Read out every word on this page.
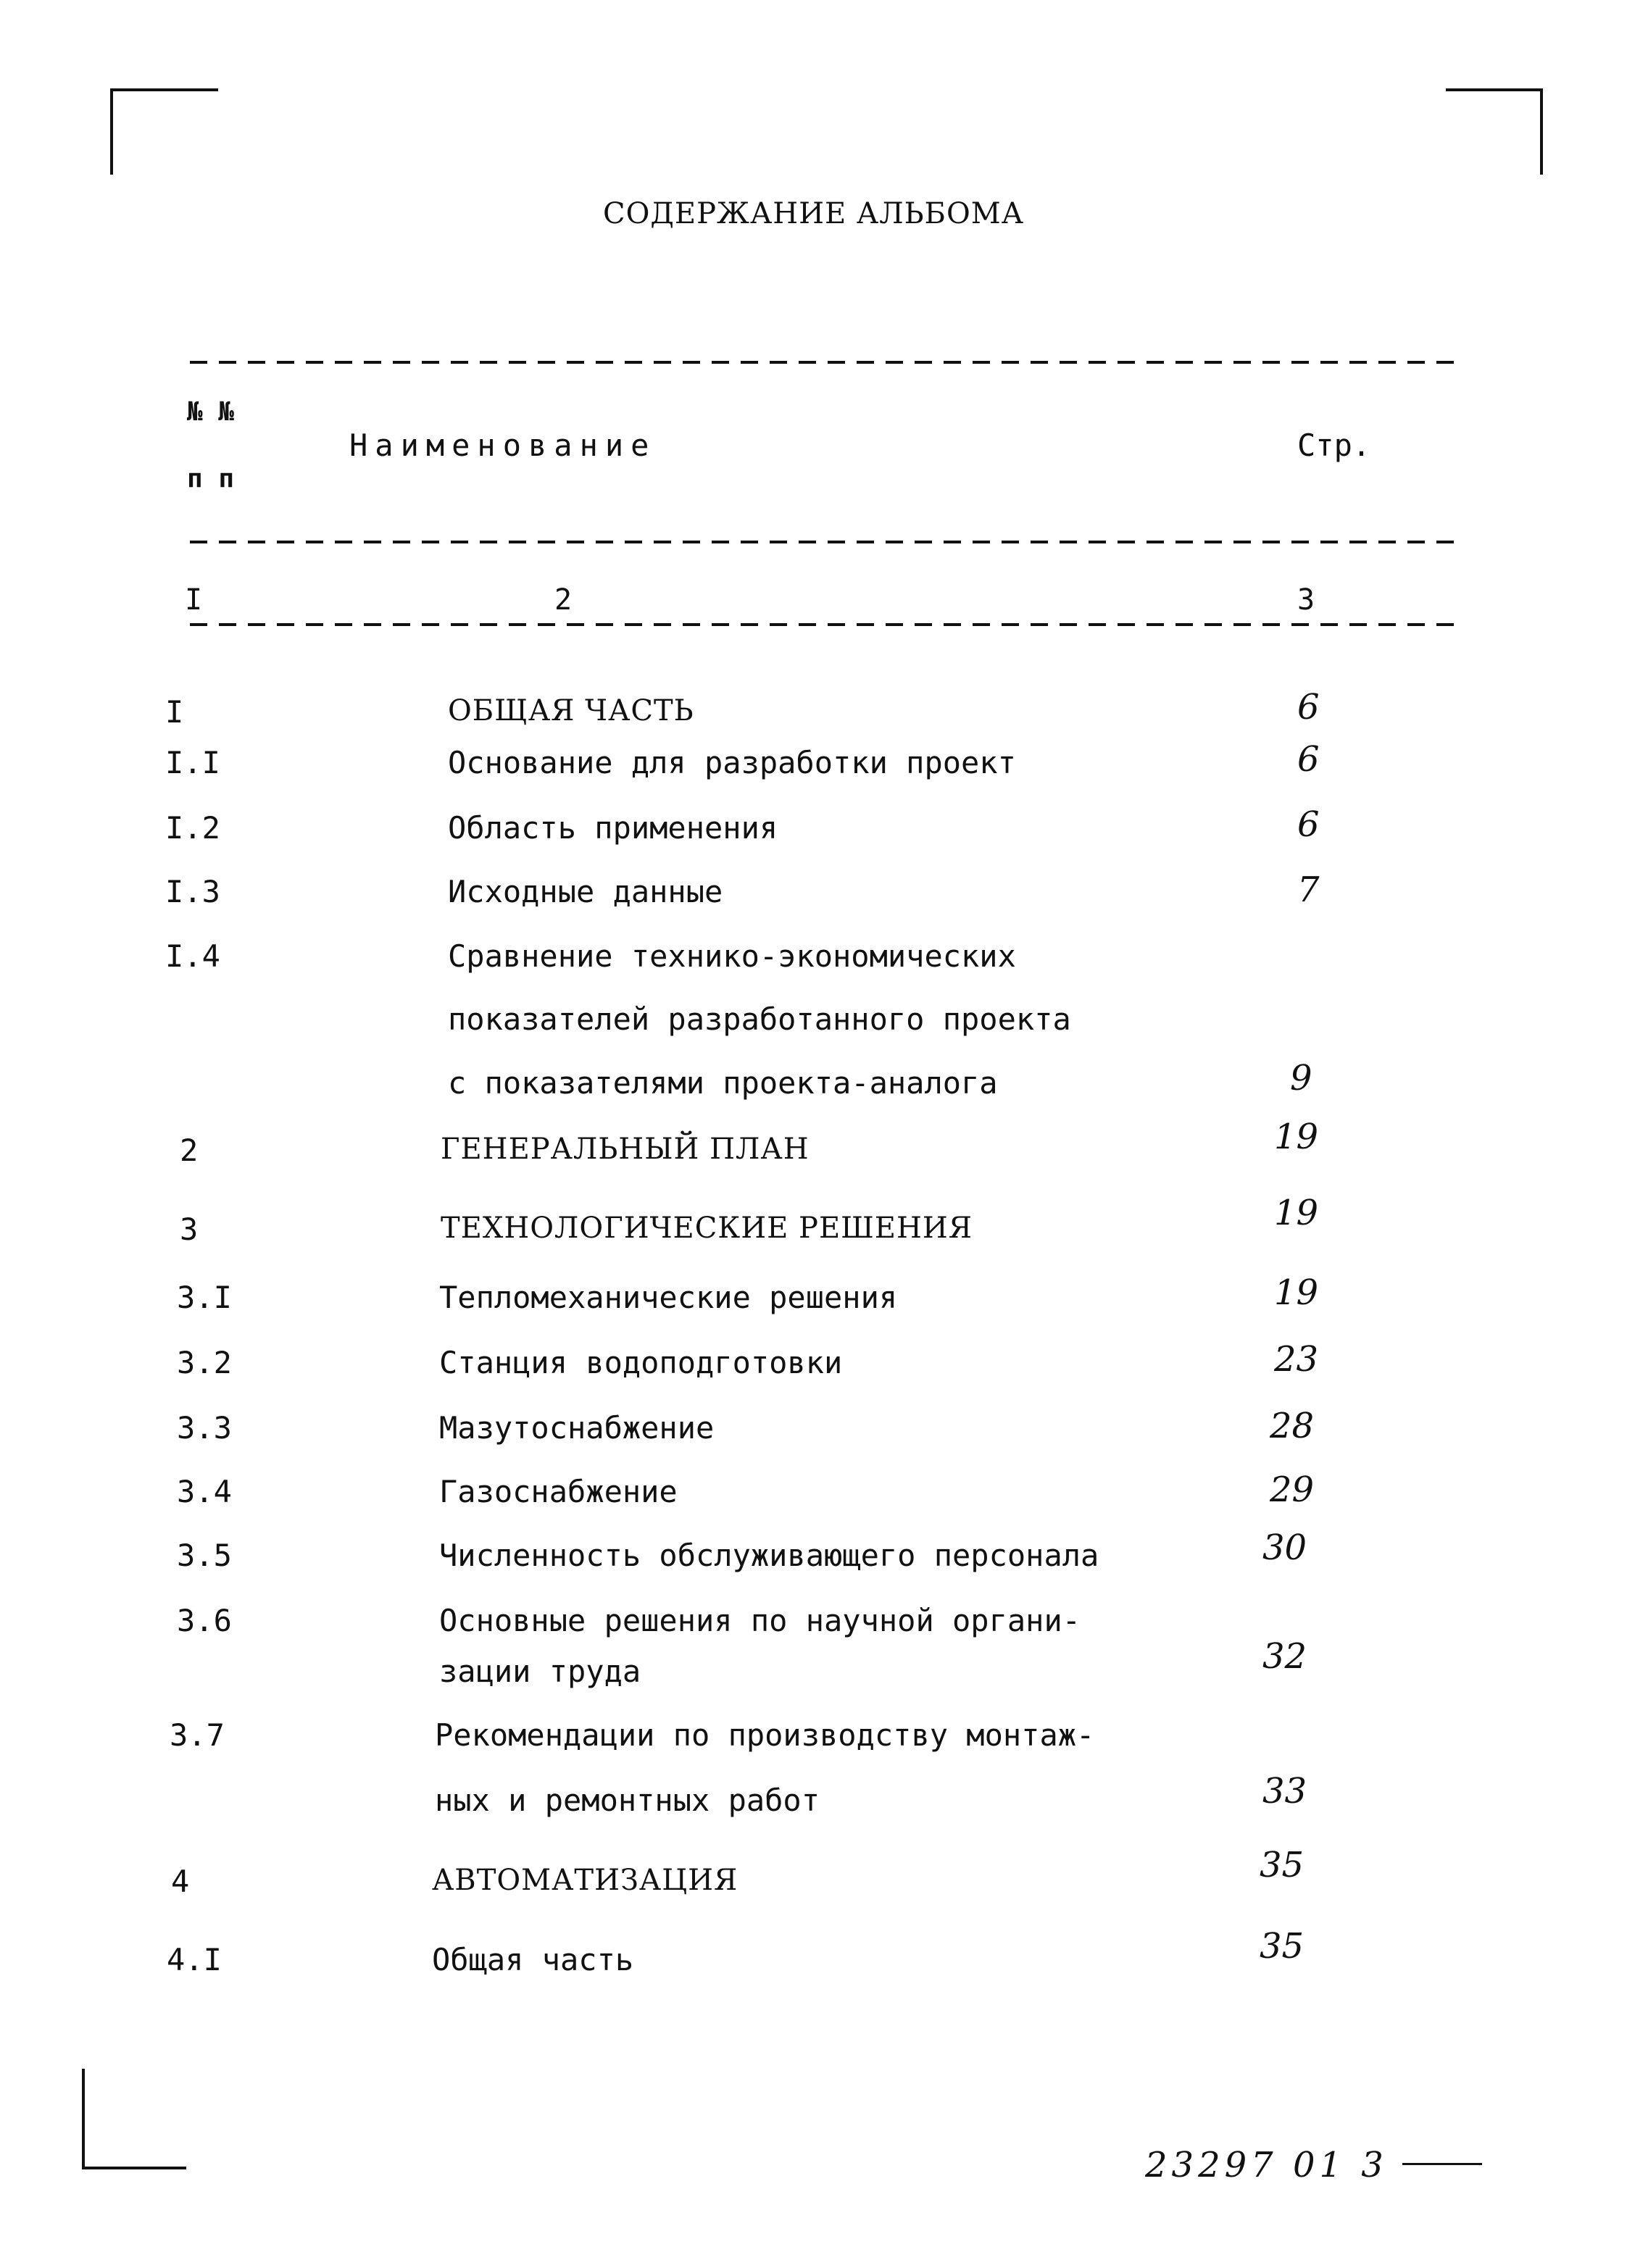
СОДЕРЖАНИЕ АЛЬБОМА
№ №
п п
Наименование	Стр.
I	2	3
I	ОБЩАЯ ЧАСТЬ	6
I.I	Основание для разработки проект	6
I.2	Область применения	6
I.3	Исходные данные	7
I.4	Сравнение технико-экономических
показателей разработанного проекта
с показателями проекта-аналога	9
2	ГЕНЕРАЛЬНЫЙ ПЛАН	19
3	ТЕХНОЛОГИЧЕСКИЕ РЕШЕНИЯ	19
3.I	Тепломеханические решения	19
3.2	Станция водоподготовки	23
3.3	Мазутоснабжение	28
3.4	Газоснабжение	29
3.5	Численность обслуживающего персонала	30
3.6	Основные решения по научной органи-
зации труда	32
3.7	Рекомендации по производству монтаж-
ных и ремонтных работ	33
4	АВТОМАТИЗАЦИЯ	35
4.I	Общая часть	35
23297 01 3
